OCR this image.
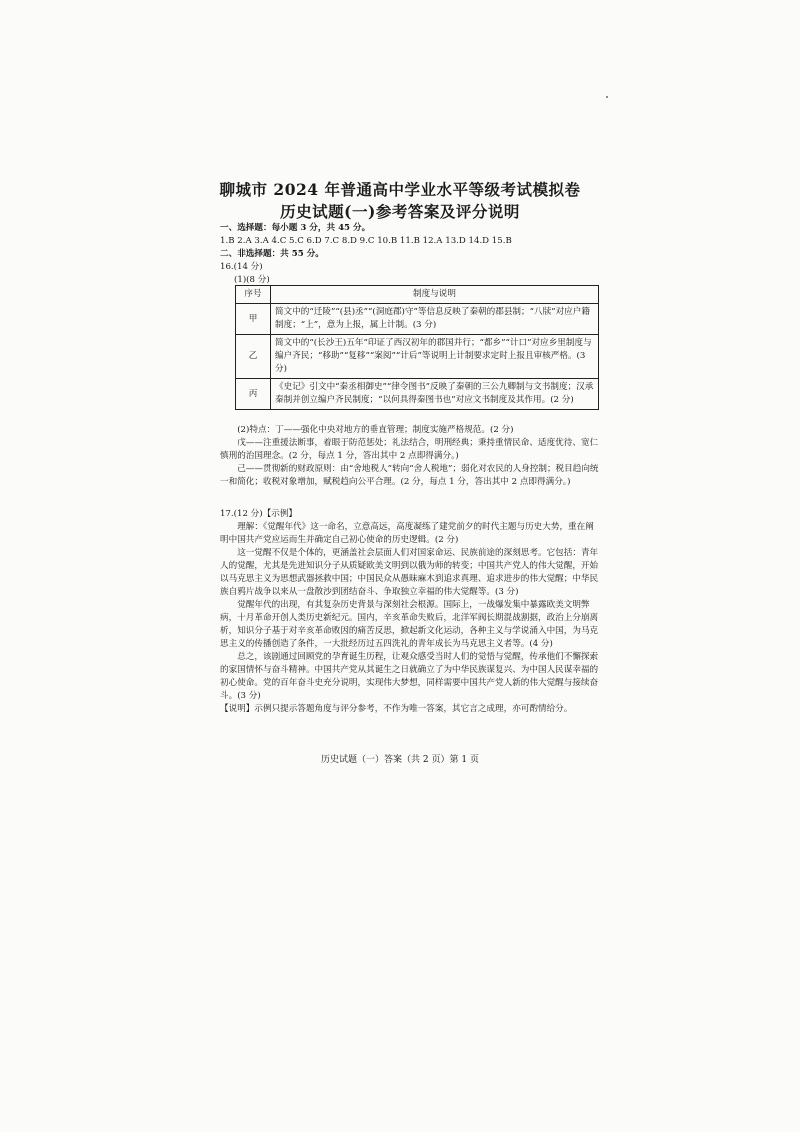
聊城市 2024 年普通高中学业水平等级考试模拟卷
历史试题(一)参考答案及评分说明

一、选择题：每小题 3 分，共 45 分。

1.B 2.A 3.A 4.C 5.C 6.D 7.C 8.D 9.C 10.B 11.B 12.A 13.D 14.D 15.B

二、非选择题：共 55 分。

16.(14 分)

(1)(8 分)

序号	制度与说明
甲	简文中的“迁陵”“(县)丞”“(洞庭郡)守”等信息反映了秦朝的郡县制；“八牍”对应户籍制度；“上”，意为上报，属上计制。(3 分)
乙	简文中的“(长沙王)五年”印证了西汉初年的郡国并行；“都乡”“计口”对应乡里制度与编户齐民；“移助”“复移”“案阅”“计后”等说明上计制要求定时上报且审核严格。(3 分)
丙	《史记》引文中“秦丞相御史”“律令图书”反映了秦朝的三公九卿制与文书制度；汉承秦制并创立编户齐民制度；“以何具得秦图书也”对应文书制度及其作用。(2 分)

(2)特点：丁——强化中央对地方的垂直管理；制度实施严格规范。(2 分)

戊——注重援法断事，着眼于防范惩处；礼法结合，明刑经典；秉持重情民命、适度优待、宽仁慎刑的治国理念。(2 分，每点 1 分，答出其中 2 点即得满分。)

己——贯彻新的财政原则：由“舍地税人”转向“舍人税地”；弱化对农民的人身控制；税目趋向统一和简化；收税对象增加，赋税趋向公平合理。(2 分，每点 1 分，答出其中 2 点即得满分。)

17.(12 分)【示例】

理解：《觉醒年代》这一命名，立意高远，高度凝练了建党前夕的时代主题与历史大势，重在阐明中国共产党应运而生并确定自己初心使命的历史逻辑。(2 分)

这一觉醒不仅是个体的，更涵盖社会层面人们对国家命运、民族前途的深刻思考。它包括：青年人的觉醒，尤其是先进知识分子从质疑欧美文明到以俄为师的转变；中国共产党人的伟大觉醒，开始以马克思主义为思想武器拯救中国；中国民众从愚昧麻木到追求真理、追求进步的伟大觉醒；中华民族自鸦片战争以来从一盘散沙到团结奋斗、争取独立幸福的伟大觉醒等。(3 分)

觉醒年代的出现，有其复杂历史背景与深刻社会根源。国际上，一战爆发集中暴露欧美文明弊病，十月革命开创人类历史新纪元。国内，辛亥革命失败后，北洋军阀长期混战割据，政治上分崩离析，知识分子基于对辛亥革命败因的痛苦反思，掀起新文化运动，各种主义与学说涌入中国，为马克思主义的传播创造了条件，一大批经历过五四洗礼的青年成长为马克思主义者等。(4 分)

总之，该剧通过回顾党的孕育诞生历程，让观众感受当时人们的觉悟与觉醒，传承他们不懈探索的家国情怀与奋斗精神。中国共产党从其诞生之日就确立了为中华民族谋复兴、为中国人民谋幸福的初心使命。党的百年奋斗史充分说明，实现伟大梦想，同样需要中国共产党人新的伟大觉醒与接续奋斗。(3 分)

【说明】示例只提示答题角度与评分参考，不作为唯一答案，其它言之成理，亦可酌情给分。

历史试题（一）答案（共 2 页）第 1 页
